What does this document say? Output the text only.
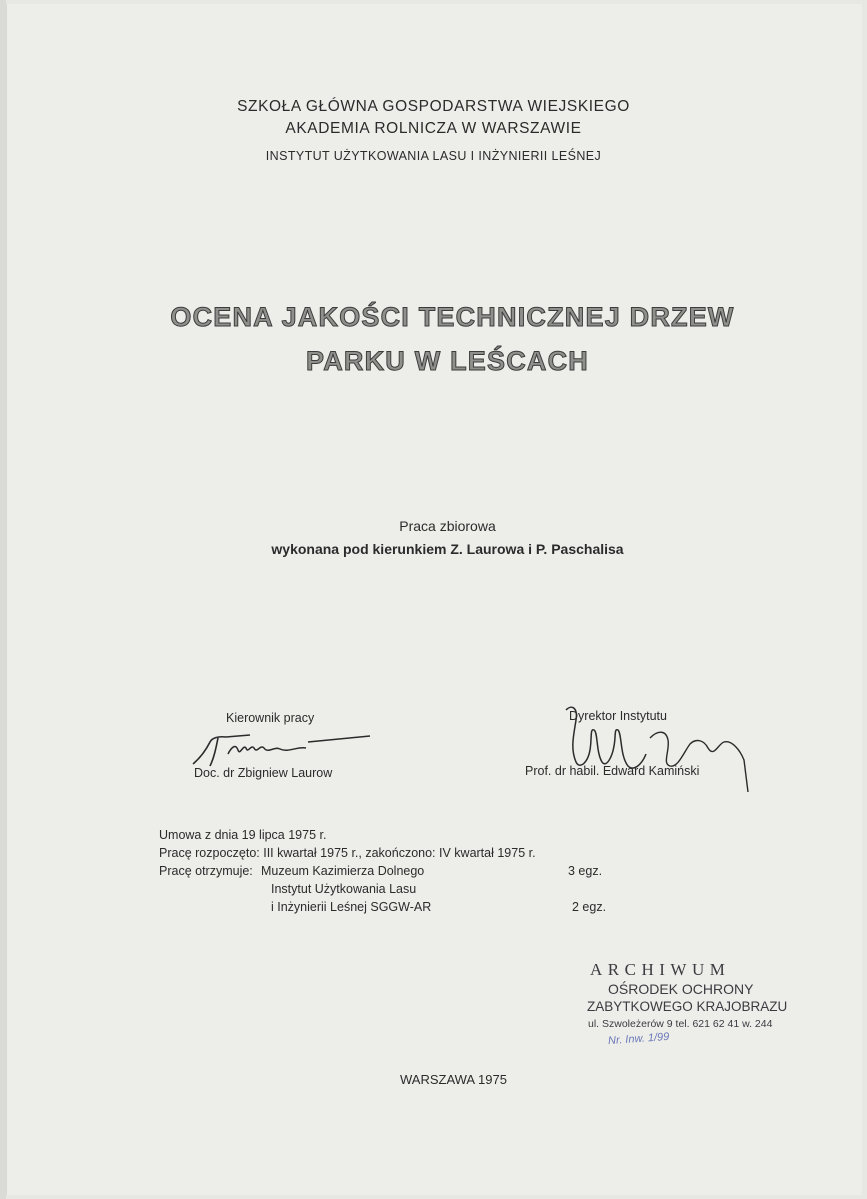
SZKOŁA GŁÓWNA GOSPODARSTWA WIEJSKIEGO
AKADEMIA ROLNICZA W WARSZAWIE
INSTYTUT UŻYTKOWANIA LASU I INŻYNIERII LEŚNEJ
OCENA JAKOŚCI TECHNICZNEJ DRZEW
PARKU W LEŚCACH
Praca zbiorowa
wykonana pod kierunkiem Z. Laurowa i P. Paschalisa
Kierownik pracy
Doc. dr Zbigniew Laurow
Dyrektor Instytutu
Prof. dr habil. Edward Kamiński
Umowa z dnia 19 lipca 1975 r.
Pracę rozpoczęto: III kwartał 1975 r., zakończono: IV kwartał 1975 r.
Pracę otrzymuje: Muzeum Kazimierza Dolnego	3 egz.
Instytut Użytkowania Lasu
i Inżynierii Leśnej SGGW-AR	2 egz.
ARCHIWUM
OŚRODEK OCHRONY
ZABYTKOWEGO KRAJOBRAZU
ul. Szwoleżerów 9 tel. 621 62 41 w. 244
Nr. Inw. 1/99
WARSZAWA 1975
